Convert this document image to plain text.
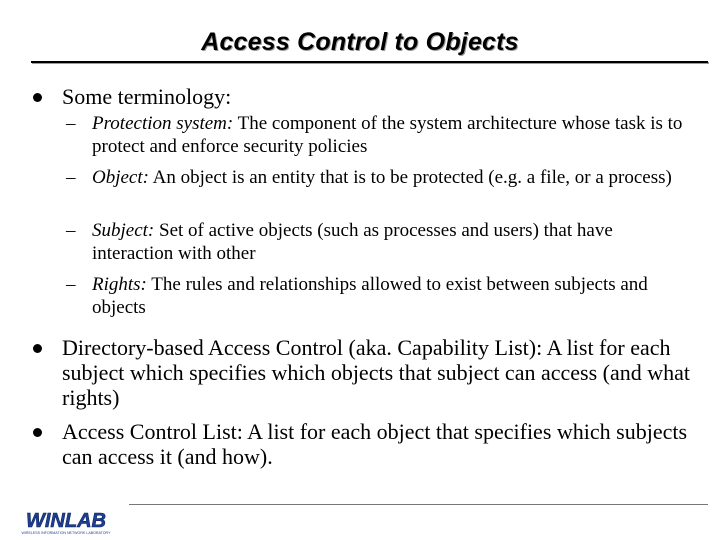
Access Control to Objects
Some terminology:
– Protection system: The component of the system architecture whose task is to protect and enforce security policies
– Object: An object is an entity that is to be protected (e.g. a file, or a process)
– Subject: Set of active objects (such as processes and users) that have interaction with other
– Rights: The rules and relationships allowed to exist between subjects and objects
Directory-based Access Control (aka. Capability List): A list for each subject which specifies which objects that subject can access (and what rights)
Access Control List: A list for each object that specifies which subjects can access it (and how).
WINLAB
WIRELESS INFORMATION NETWORK LABORATORY
